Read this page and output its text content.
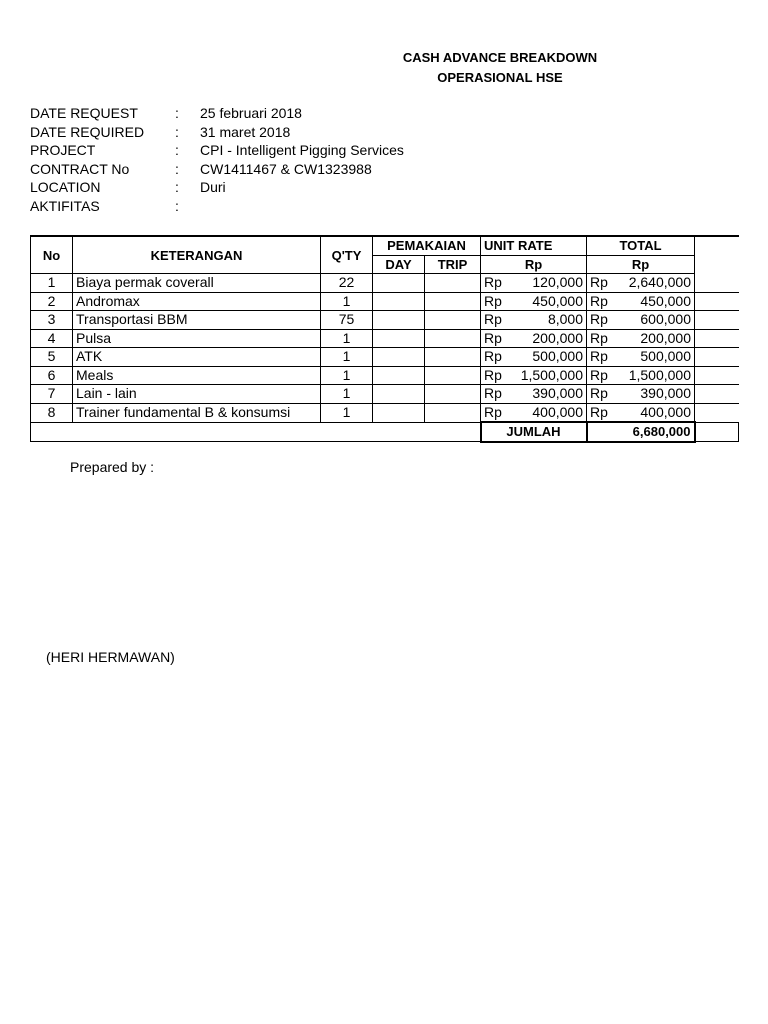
CASH ADVANCE BREAKDOWN
OPERASIONAL HSE
DATE REQUEST	:	25 februari 2018
DATE REQUIRED	:	31 maret 2018
PROJECT	:	CPI - Intelligent Pigging Services
CONTRACT No	:	CW1411467 & CW1323988
LOCATION	:	Duri
AKTIFITAS	:
No	KETERANGAN	Q'TY	PEMAKAIAN		UNIT RATE	TOTAL	
			DAY	TRIP	Rp	Rp	
1	Biaya permak coverall	22			Rp 120,000	Rp 2,640,000	

2	Andromax	1			Rp 450,000	Rp 450,000	

3	Transportasi BBM	75			Rp 8,000	Rp 600,000	

4	Pulsa	1			Rp 200,000	Rp 200,000	

5	ATK	1			Rp 500,000	Rp 500,000	

6	Meals	1			Rp 1,500,000	Rp 1,500,000	

7	Lain - lain	1			Rp 390,000	Rp 390,000	

8	Trainer fundamental B & konsumsi	1			Rp 400,000	Rp 400,000	

					JUMLAH	6,680,000	
Prepared by :
(HERI HERMAWAN)
